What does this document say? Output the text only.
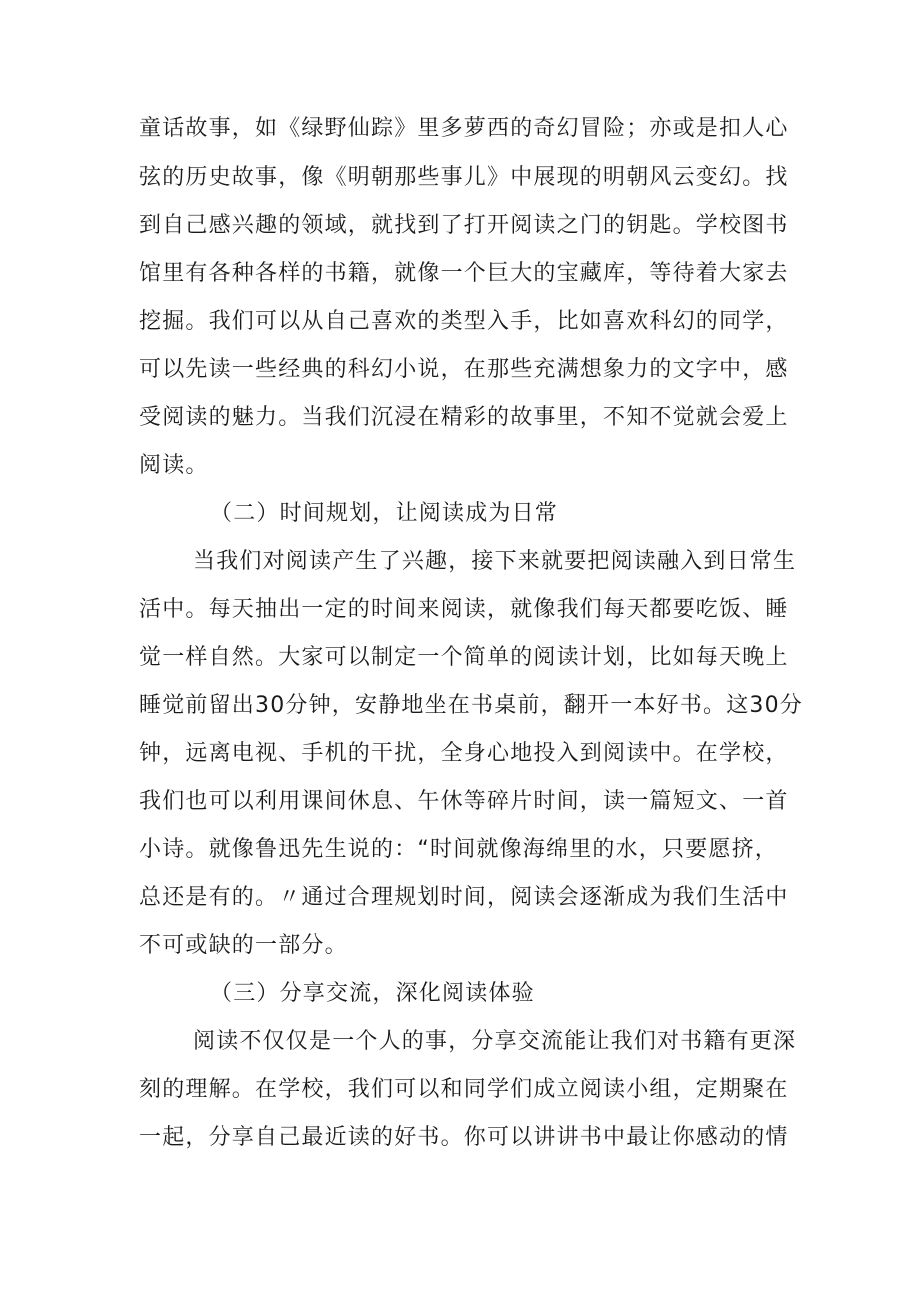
童话故事，如《绿野仙踪》里多萝西的奇幻冒险；亦或是扣人心
弦的历史故事，像《明朝那些事儿》中展现的明朝风云变幻。找
到自己感兴趣的领域，就找到了打开阅读之门的钥匙。学校图书
馆里有各种各样的书籍，就像一个巨大的宝藏库，等待着大家去
挖掘。我们可以从自己喜欢的类型入手，比如喜欢科幻的同学，
可以先读一些经典的科幻小说，在那些充满想象力的文字中，感
受阅读的魅力。当我们沉浸在精彩的故事里，不知不觉就会爱上
阅读。
（二）时间规划，让阅读成为日常
当我们对阅读产生了兴趣，接下来就要把阅读融入到日常生
活中。每天抽出一定的时间来阅读，就像我们每天都要吃饭、睡
觉一样自然。大家可以制定一个简单的阅读计划，比如每天晚上
睡觉前留出30分钟，安静地坐在书桌前，翻开一本好书。这30分
钟，远离电视、手机的干扰，全身心地投入到阅读中。在学校，
我们也可以利用课间休息、午休等碎片时间，读一篇短文、一首
小诗。就像鲁迅先生说的：“时间就像海绵里的水，只要愿挤，
总还是有的。〃通过合理规划时间，阅读会逐渐成为我们生活中
不可或缺的一部分。
（三）分享交流，深化阅读体验
阅读不仅仅是一个人的事，分享交流能让我们对书籍有更深
刻的理解。在学校，我们可以和同学们成立阅读小组，定期聚在
一起，分享自己最近读的好书。你可以讲讲书中最让你感动的情
